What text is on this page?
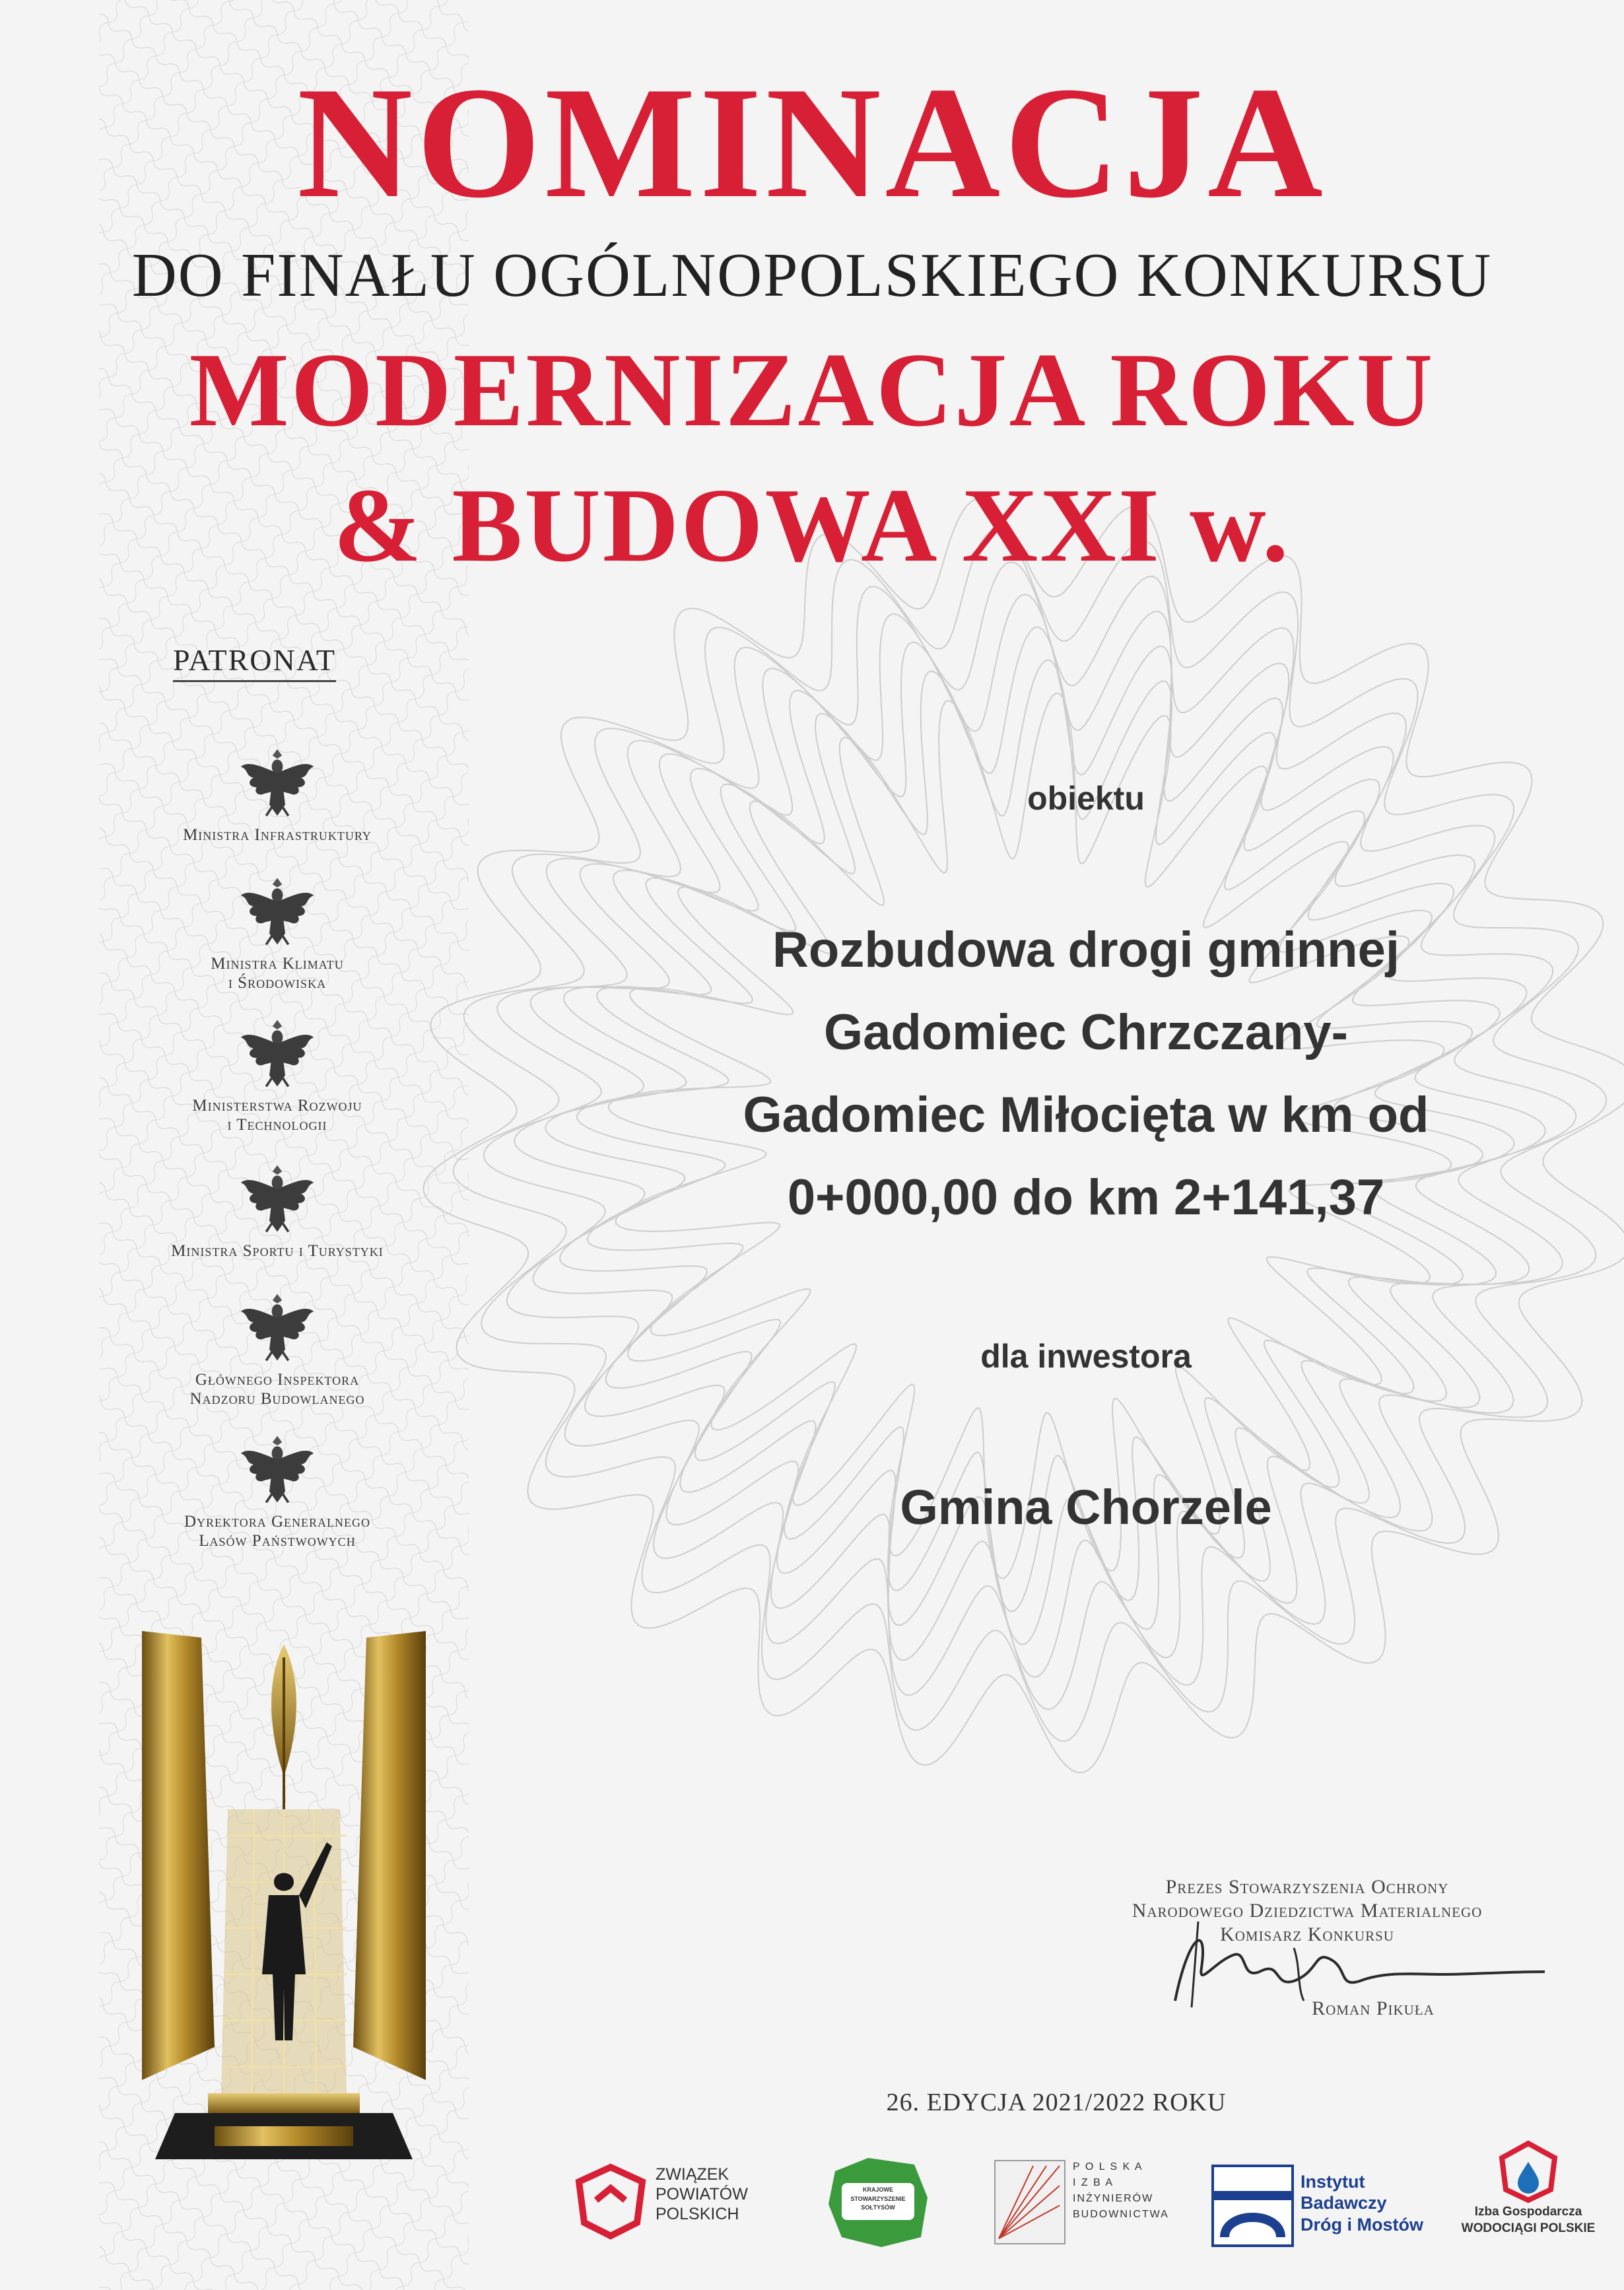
NOMINACJA
DO FINAŁU OGÓLNOPOLSKIEGO KONKURSU
MODERNIZACJA ROKU
& BUDOWA XXI w.
PATRONAT
Ministra Infrastruktury
Ministra Klimatu
i Środowiska
Ministerstwa Rozwoju
i Technologii
Ministra Sportu i Turystyki
Głównego Inspektora
Nadzoru Budowlanego
Dyrektora Generalnego
Lasów Państwowych
obiektu
Rozbudowa drogi gminnej
Gadomiec Chrzczany-
Gadomiec Miłocięta w km od
0+000,00 do km 2+141,37
dla inwestora
Gmina Chorzele
Prezes Stowarzyszenia Ochrony
Narodowego Dziedzictwa Materialnego
Komisarz Konkursu
Roman Pikuła
26. EDYCJA 2021/2022 ROKU
ZWIĄZEK
POWIATÓW
POLSKICH
KRAJOWE
STOWARZYSZENIE
SOŁTYSÓW
P O L S K A
I Z B A
INŻYNIERÓW
BUDOWNICTWA
Instytut
Badawczy
Dróg i Mostów
Izba Gospodarcza
WODOCIĄGI POLSKIE
